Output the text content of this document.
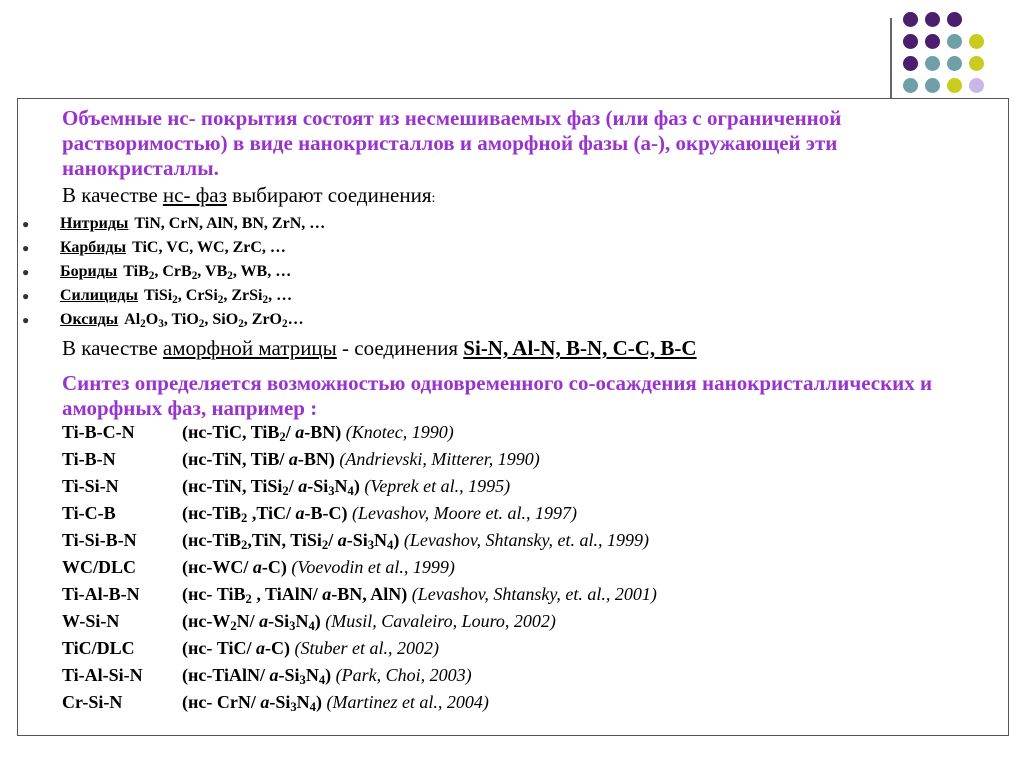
Объемные нс- покрытия состоят из несмешиваемых фаз (или фаз с ограниченной растворимостью) в виде нанокристаллов и аморфной фазы (a-), окружающей эти нанокристаллы.

В качестве нс- фаз выбирают соединения:

● Нитриды TiN, CrN, AlN, BN, ZrN, …
● Карбиды TiC, VC, WC, ZrC, …
● Бориды TiB$_2$, CrB$_2$, $VB_2$, WB, …
● Силициды TiSi$_2$, CrSi$_2$, ZrSi$_2$, …
● Оксиды $Al_2O_3$, TiO$_2$, SiO$_2$, ZrO$_2$…

В качестве аморфной матрицы - соединения Si-N, Al-N, B-N, C-C, B-C

Синтез определяется возможностью одновременного со-осаждения нанокристаллических и аморфных фаз, например :

Ti-B-C-N	(нс-TiC, TiB$_2$/ a-BN) (Knotec, 1990)
Ti-B-N	(нс-TiN, TiB/ a-BN) (Andrievski, Mitterer, 1990)
Ti-Si-N	(нс-TiN, TiSi$_2$/ $a-Si_3N_4$) (Veprek et al., 1995)
Ti-C-B	(нс-TiB$_2$ ,TiC/ a-B-C) (Levashov, Moore et. al., 1997)
Ti-Si-B-N	(нс-TiB$_2$,TiN, TiSi$_2$/ $a-Si_3N_4$) (Levashov, Shtansky, et. al., 1999)
WC/DLC	(нс-WC/ a-C) (Voevodin et al., 1999)
Ti-Al-B-N (нс- TiB$_2$ , TiAlN/ a-BN, AlN) (Levashov, Shtansky, et. al., 2001)
W-Si-N	($нс-W_2N/$ $a-Si_3N_4$) (Musil, Cavaleiro, Louro, 2002)
TiC/DLC	(нс- TiC/ a-C) (Stuber et al., 2002)
Ti-Al-Si-N (нс-TiAlN/ $a-Si_3N_4$) (Park, Choi, 2003)
Cr-Si-N	(нс- CrN/ $a-Si_3N_4$) (Martinez et al., 2004)
